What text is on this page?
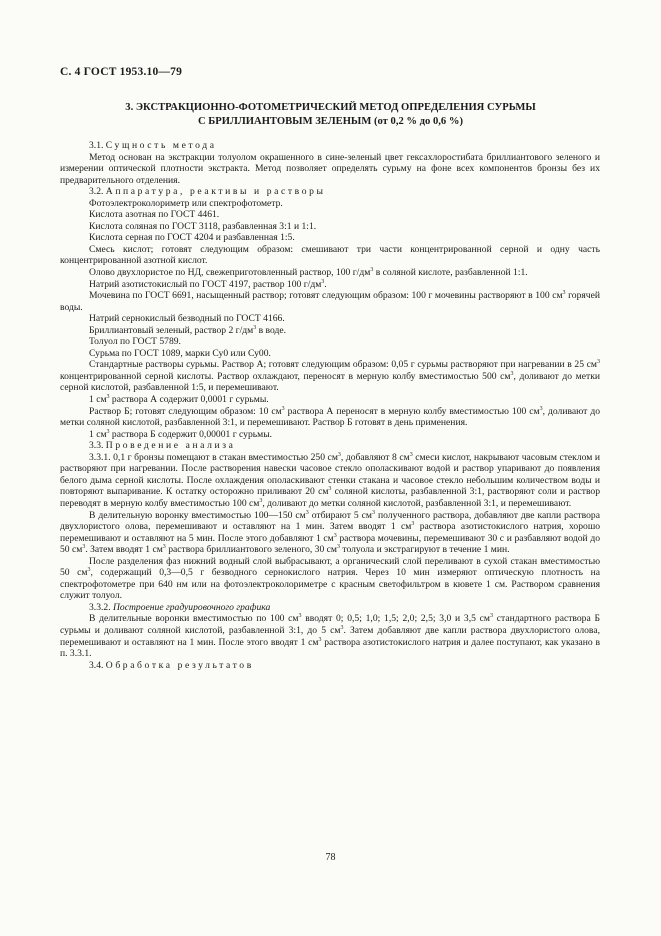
С. 4 ГОСТ 1953.10—79
3. ЭКСТРАКЦИОННО-ФОТОМЕТРИЧЕСКИЙ МЕТОД ОПРЕДЕЛЕНИЯ СУРЬМЫ
С БРИЛЛИАНТОВЫМ ЗЕЛЕНЫМ (от 0,2 % до 0,6 %)

3.1. Сущность метода

Метод основан на экстракции толуолом окрашенного в сине-зеленый цвет гексахлоростибата бриллиантового зеленого и измерении оптической плотности экстракта. Метод позволяет определять сурьму на фоне всех компонентов бронзы без их предварительного отделения.

3.2. Аппаратура, реактивы и растворы

Фотоэлектроколориметр или спектрофотометр.

Кислота азотная по ГОСТ 4461.

Кислота соляная по ГОСТ 3118, разбавленная 3:1 и 1:1.

Кислота серная по ГОСТ 4204 и разбавленная 1:5.

Смесь кислот; готовят следующим образом: смешивают три части концентрированной серной и одну часть концентрированной азотной кислот.

Олово двухлористое по НД, свежеприготовленный раствор, 100 $г/дм^3$ в соляной кислоте, разбавленной 1:1.

Натрий азотистокислый по ГОСТ 4197, раствор 100 $г/дм^3$.

Мочевина по ГОСТ 6691, насыщенный раствор; готовят следующим образом: 100 г мочевины растворяют в 100 $см^3$ горячей воды.

Натрий сернокислый безводный по ГОСТ 4166.

Бриллиантовый зеленый, раствор 2 $г/дм^3$ в воде.

Толуол по ГОСТ 5789.

Сурьма по ГОСТ 1089, марки Су0 или Су00.

Стандартные растворы сурьмы. Раствор А; готовят следующим образом: 0,05 г сурьмы растворяют при нагревании в 25 $см^3$ концентрированной серной кислоты. Раствор охлаждают, переносят в мерную колбу вместимостью 500 $см^3$, доливают до метки серной кислотой, разбавленной 1:5, и перемешивают.

1 $см^3$ раствора А содержит 0,0001 г сурьмы.

Раствор Б; готовят следующим образом: 10 $см^3$ раствора А переносят в мерную колбу вместимостью 100 $см^3$, доливают до метки соляной кислотой, разбавленной 3:1, и перемешивают. Раствор Б готовят в день применения.

1 $см^3$ раствора Б содержит 0,00001 г сурьмы.

3.3. Проведение анализа

3.3.1. 0,1 г бронзы помещают в стакан вместимостью 250 $см^3$, добавляют 8 $см^3$ смеси кислот, накрывают часовым стеклом и растворяют при нагревании. После растворения навески часовое стекло ополаскивают водой и раствор упаривают до появления белого дыма серной кислоты. После охлаждения ополаскивают стенки стакана и часовое стекло небольшим количеством воды и повторяют выпаривание. К остатку осторожно приливают 20 $см^3$ соляной кислоты, разбавленной 3:1, растворяют соли и раствор переводят в мерную колбу вместимостью 100 $см^3$, доливают до метки соляной кислотой, разбавленной 3:1, и перемешивают.

В делительную воронку вместимостью 100—150 $см^3$ отбирают 5 $см^3$ полученного раствора, добавляют две капли раствора двухлористого олова, перемешивают и оставляют на 1 мин. Затем вводят 1 $см^3$ раствора азотистокислого натрия, хорошо перемешивают и оставляют на 5 мин. После этого добавляют 1 $см^3$ раствора мочевины, перемешивают 30 с и разбавляют водой до 50 $см^3$. Затем вводят 1 $см^3$ раствора бриллиантового зеленого, 30 $см^3$ толуола и экстрагируют в течение 1 мин.

После разделения фаз нижний водный слой выбрасывают, а органический слой переливают в сухой стакан вместимостью 50 $см^3$, содержащий 0,3—0,5 г безводного сернокислого натрия. Через 10 мин измеряют оптическую плотность на спектрофотометре при 640 нм или на фотоэлектроколориметре с красным светофильтром в кювете 1 см. Раствором сравнения служит толуол.

3.3.2. Построение градуировочного графика

В делительные воронки вместимостью по 100 $см^3$ вводят 0; 0,5; 1,0; 1,5; 2,0; 2,5; 3,0 и 3,5 $см^3$ стандартного раствора Б сурьмы и доливают соляной кислотой, разбавленной 3:1, до 5 $см^3$. Затем добавляют две капли раствора двухлористого олова, перемешивают и оставляют на 1 мин. После этого вводят 1 $см^3$ раствора азотистокислого натрия и далее поступают, как указано в п. 3.3.1.

3.4. Обработка результатов

78
